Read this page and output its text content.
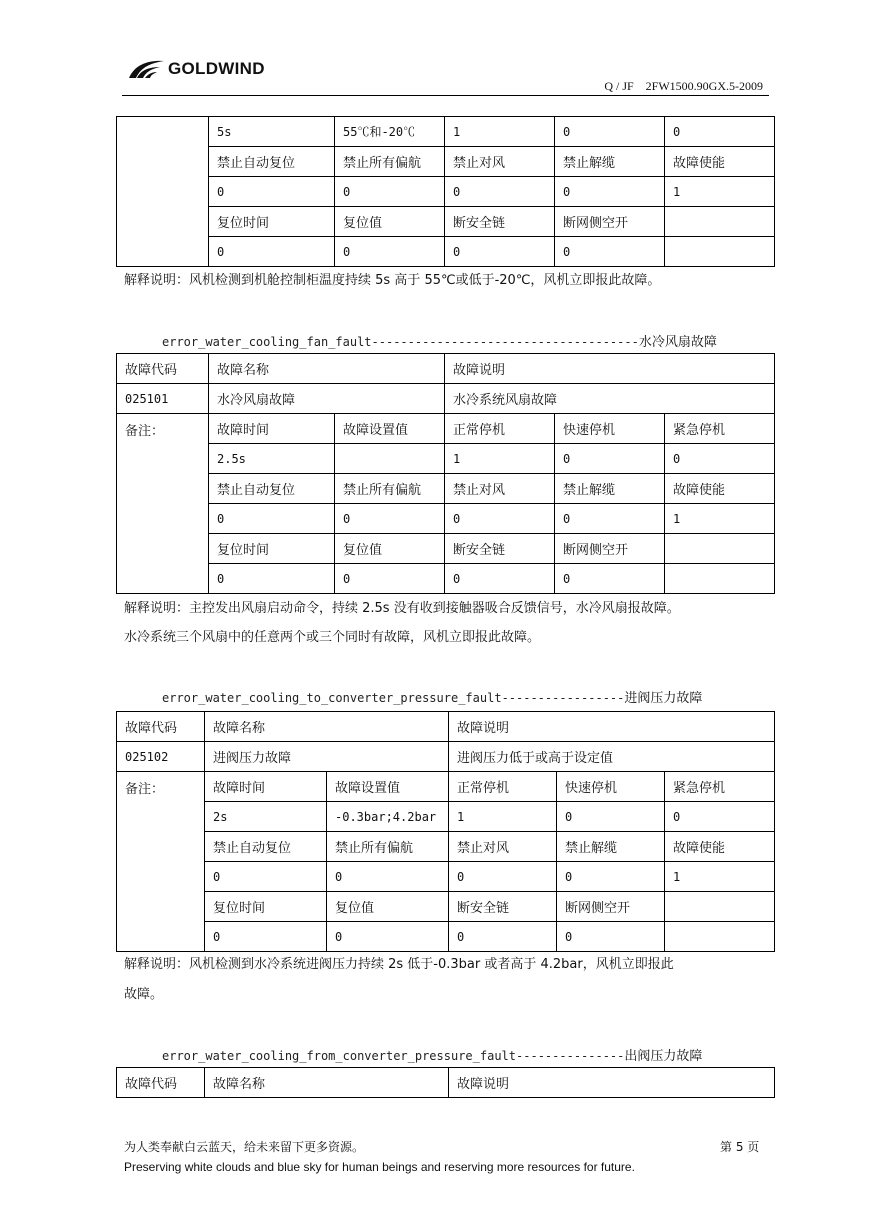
GOLDWIND
Q / JF    2FW1500.90GX.5-2009
	5s	55℃和-20℃	1	0	0
	禁止自动复位	禁止所有偏航	禁止对风	禁止解缆	故障使能
	0	0	0	0	1
	复位时间	复位值	断安全链	断网侧空开	
	0	0	0	0	
解释说明：风机检测到机舱控制柜温度持续 5s 高于 55℃或低于-20℃，风机立即报此故障。
error_water_cooling_fan_fault-------------------------------------水冷风扇故障
故障代码	故障名称		故障说明		
025101	水冷风扇故障		水冷系统风扇故障		
备注：	故障时间	故障设置值	正常停机	快速停机	紧急停机
	2.5s		1	0	0
	禁止自动复位	禁止所有偏航	禁止对风	禁止解缆	故障使能
	0	0	0	0	1
	复位时间	复位值	断安全链	断网侧空开	
	0	0	0	0	
解释说明：主控发出风扇启动命令，持续 2.5s 没有收到接触器吸合反馈信号，水冷风扇报故障。
水冷系统三个风扇中的任意两个或三个同时有故障，风机立即报此故障。
error_water_cooling_to_converter_pressure_fault-----------------进阀压力故障
故障代码	故障名称		故障说明		
025102	进阀压力故障		进阀压力低于或高于设定值		
备注：	故障时间	故障设置值	正常停机	快速停机	紧急停机
	2s	-0.3bar;4.2bar	1	0	0
	禁止自动复位	禁止所有偏航	禁止对风	禁止解缆	故障使能
	0	0	0	0	1
	复位时间	复位值	断安全链	断网侧空开	
	0	0	0	0	
解释说明：风机检测到水冷系统进阀压力持续 2s 低于-0.3bar 或者高于 4.2bar，风机立即报此
故障。
error_water_cooling_from_converter_pressure_fault---------------出阀压力故障
故障代码	故障名称	故障说明
为人类奉献白云蓝天，给未来留下更多资源。	第 5 页
Preserving white clouds and blue sky for human beings and reserving more resources for future.
